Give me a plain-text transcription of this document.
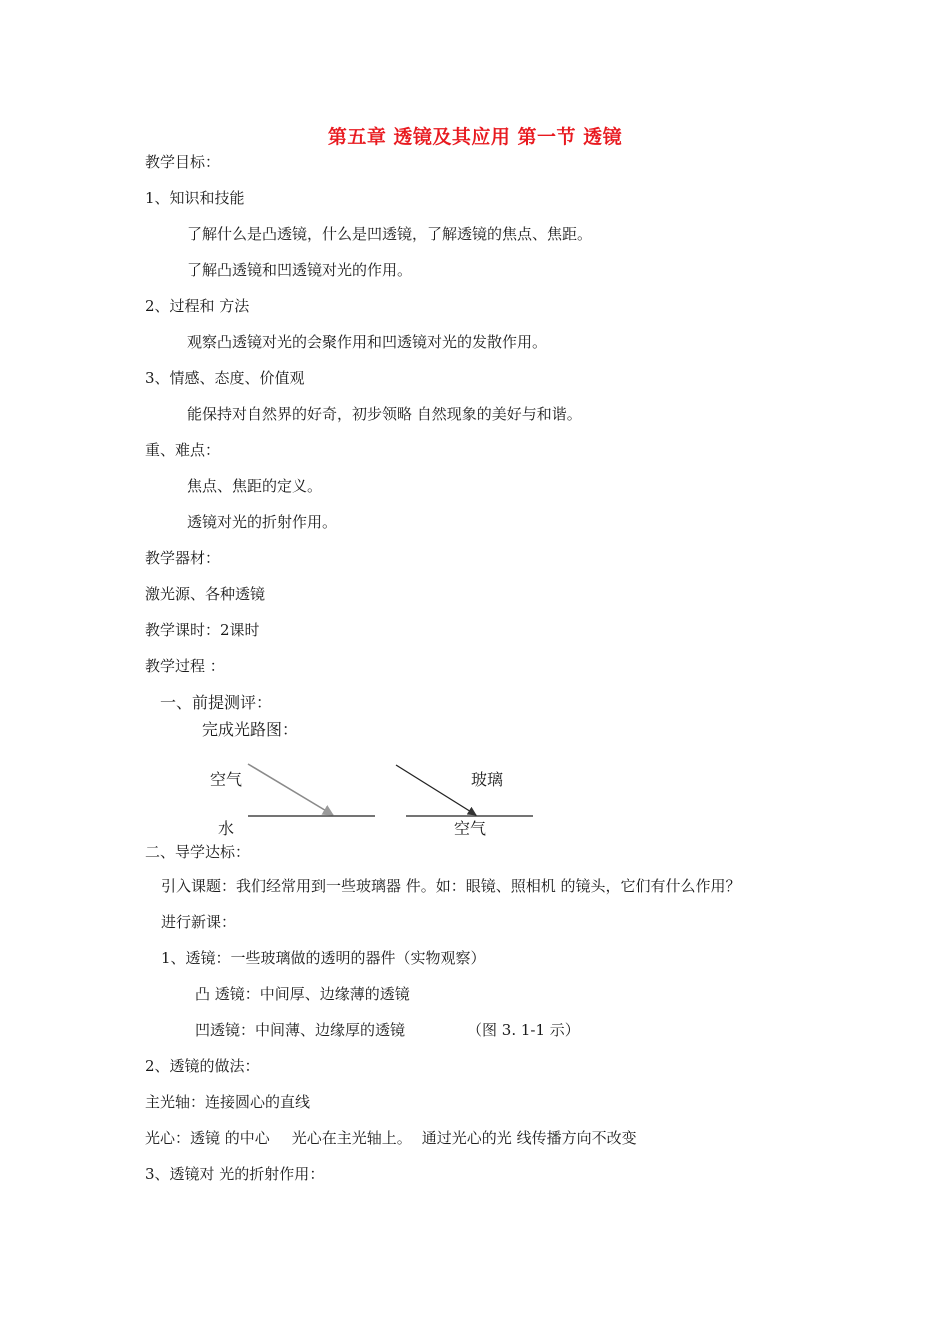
第五章 透镜及其应用 第一节 透镜
教学目标：
1、知识和技能
了解什么是凸透镜，什么是凹透镜，了解透镜的焦点、焦距。
了解凸透镜和凹透镜对光的作用。
2、过程和 方法
观察凸透镜对光的会聚作用和凹透镜对光的发散作用。
3、情感、态度、价值观
能保持对自然界的好奇，初步领略 自然现象的美好与和谐。
重、难点：
焦点、焦距的定义。
透镜对光的折射作用。
教学器材：
激光源、各种透镜
教学课时：2课时
教学过程 ：
一、前提测评：
完成光路图：
空气
水
玻璃
空气
二、导学达标：
引入课题：我们经常用到一些玻璃器 件。如：眼镜、照相机 的镜头，它们有什么作用？
进行新课：
1、透镜：一些玻璃做的透明的器件（实物观察）
凸 透镜：中间厚、边缘薄的透镜
凹透镜：中间薄、边缘厚的透镜	（图 3. 1-1 示）
2、透镜的做法：
主光轴：连接圆心的直线
光心：透镜 的中心 光心在主光轴上。 通过光心的光 线传播方向不改变
3、透镜对 光的折射作用：
